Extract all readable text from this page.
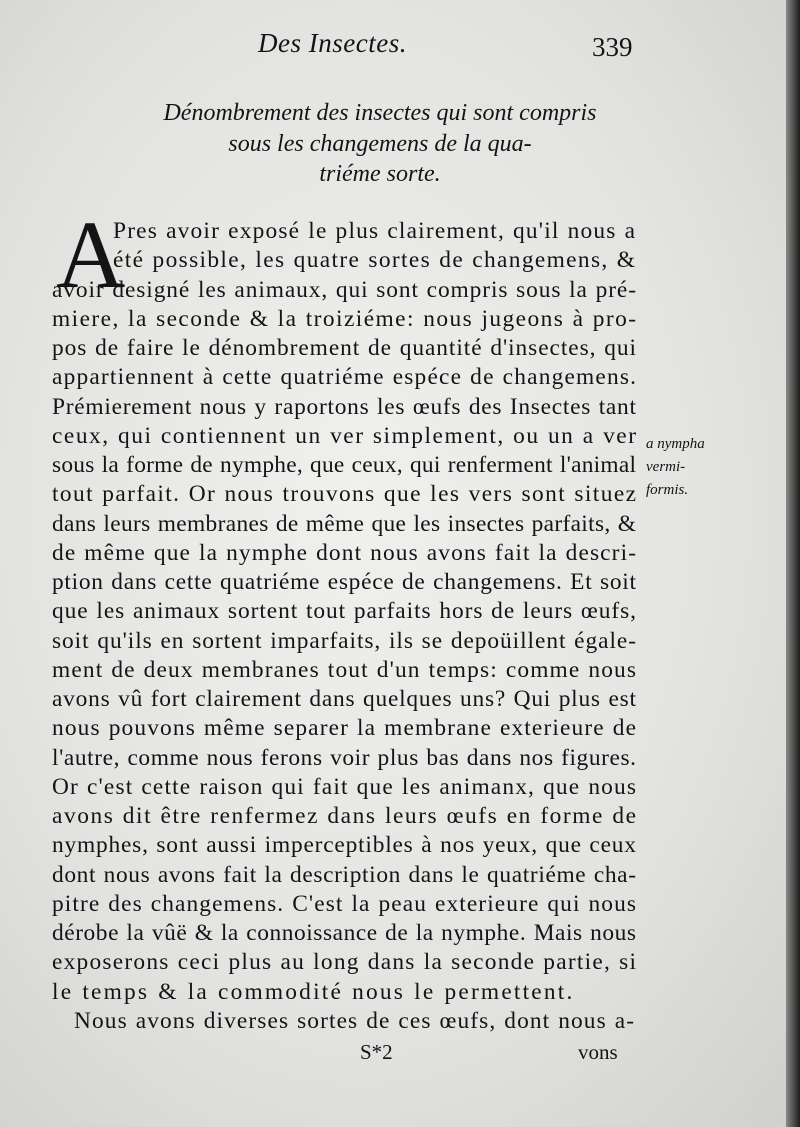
Des Insectes.	339
Dénombrement des insectes qui sont compris
sous les changemens de la qua-
triéme sorte.
A
Pres avoir exposé le plus clairement, qu'il nous a
été possible, les quatre sortes de changemens, &
avoir designé les animaux, qui sont compris sous la pré-
miere, la seconde & la troiziéme: nous jugeons à pro-
pos de faire le dénombrement de quantité d'insectes, qui
appartiennent à cette quatriéme espéce de changemens.
Prémierement nous y raportons les œufs des Insectes tant
ceux, qui contiennent un ver simplement, ou un a ver
sous la forme de nymphe, que ceux, qui renferment l'animal
tout parfait. Or nous trouvons que les vers sont situez
dans leurs membranes de même que les insectes parfaits, &
de même que la nymphe dont nous avons fait la descri-
ption dans cette quatriéme espéce de changemens. Et soit
que les animaux sortent tout parfaits hors de leurs œufs,
soit qu'ils en sortent imparfaits, ils se depoüillent égale-
ment de deux membranes tout d'un temps: comme nous
avons vû fort clairement dans quelques uns? Qui plus est
nous pouvons même separer la membrane exterieure de
l'autre, comme nous ferons voir plus bas dans nos figures.
Or c'est cette raison qui fait que les animanx, que nous
avons dit être renfermez dans leurs œufs en forme de
nymphes, sont aussi imperceptibles à nos yeux, que ceux
dont nous avons fait la description dans le quatriéme cha-
pitre des changemens. C'est la peau exterieure qui nous
dérobe la vûë & la connoissance de la nymphe. Mais nous
exposerons ceci plus au long dans la seconde partie, si
le temps & la commodité nous le permettent.
Nous avons diverses sortes de ces œufs, dont nous a-
a nympha
vermi-
formis.
S*2	vons
